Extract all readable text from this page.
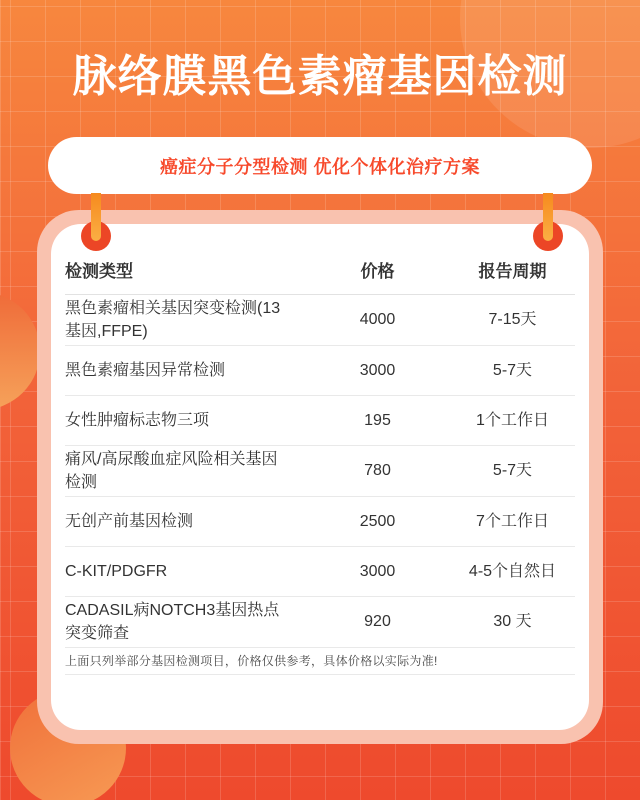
脉络膜黑色素瘤基因检测
癌症分子分型检测 优化个体化治疗方案
检测类型	价格	报告周期
黑色素瘤相关基因突变检测(13基因,FFPE)	4000	7-15天
黑色素瘤基因异常检测	3000	5-7天
女性肿瘤标志物三项	195	1个工作日
痛风/高尿酸血症风险相关基因检测	780	5-7天
无创产前基因检测	2500	7个工作日
C-KIT/PDGFR	3000	4-5个自然日
CADASIL病NOTCH3基因热点突变筛查	920	30 天
上面只列举部分基因检测项目，价格仅供参考，具体价格以实际为准!
